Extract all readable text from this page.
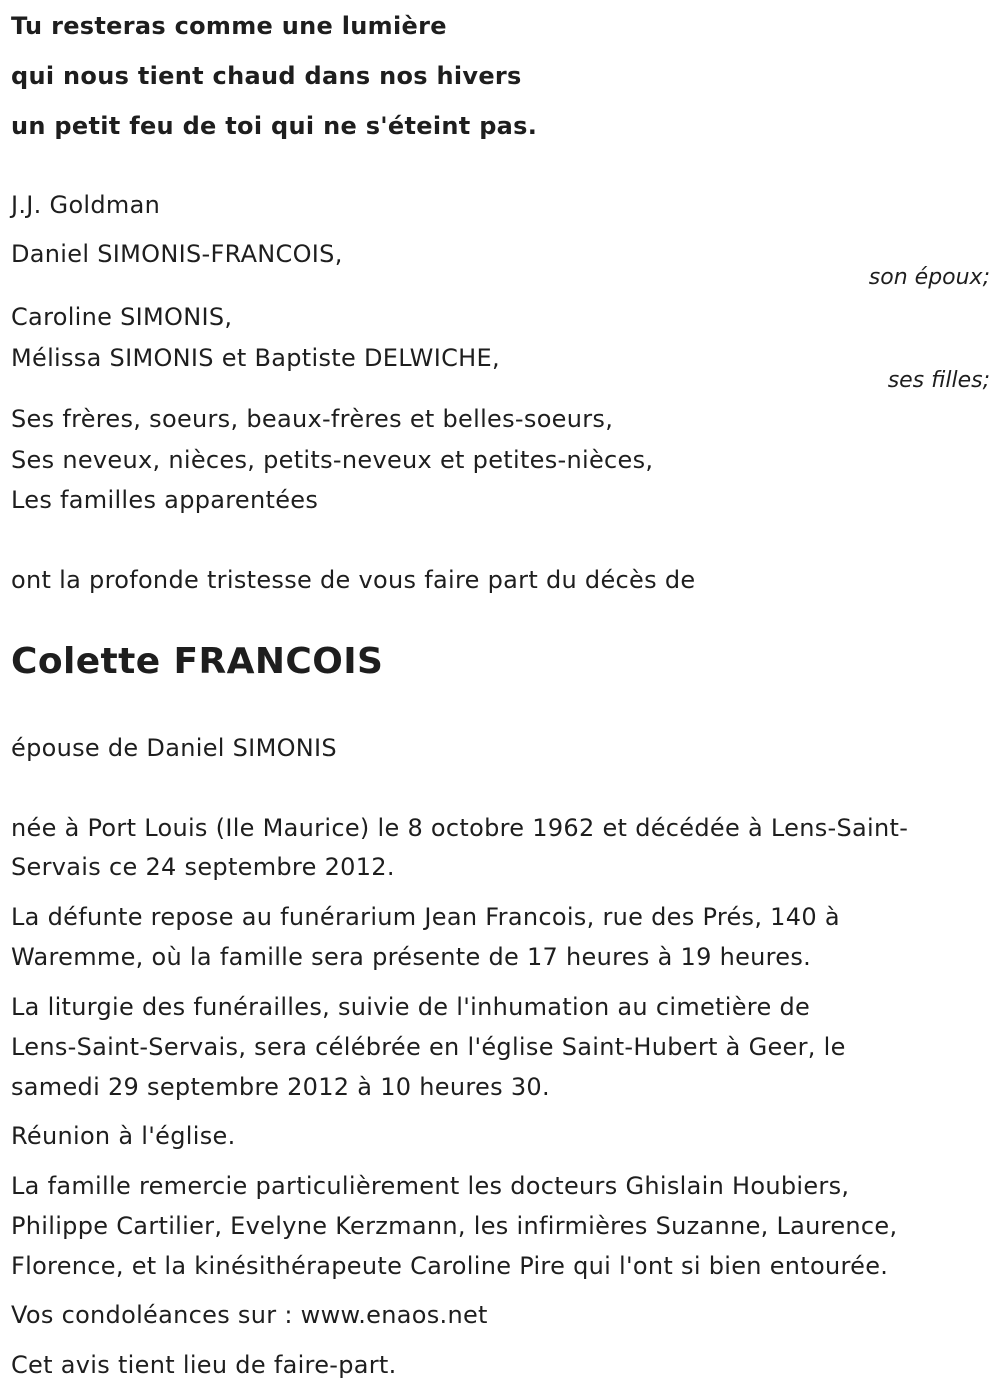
Tu resteras comme une lumière

qui nous tient chaud dans nos hivers

un petit feu de toi qui ne s'éteint pas.

J.J. Goldman

Daniel SIMONIS-FRANCOIS,

son époux;

Caroline SIMONIS,

Mélissa SIMONIS et Baptiste DELWICHE,

ses filles;

Ses frères, soeurs, beaux-frères et belles-soeurs,

Ses neveux, nièces, petits-neveux et petites-nièces,

Les familles apparentées

ont la profonde tristesse de vous faire part du décès de

Colette FRANCOIS

épouse de Daniel SIMONIS

née à Port Louis (Ile Maurice) le 8 octobre 1962 et décédée à Lens-Saint-

Servais ce 24 septembre 2012.

La défunte repose au funérarium Jean Francois, rue des Prés, 140 à

Waremme, où la famille sera présente de 17 heures à 19 heures.

La liturgie des funérailles, suivie de l'inhumation au cimetière de

Lens-Saint-Servais, sera célébrée en l'église Saint-Hubert à Geer, le

samedi 29 septembre 2012 à 10 heures 30.

Réunion à l'église.

La famille remercie particulièrement les docteurs Ghislain Houbiers,

Philippe Cartilier, Evelyne Kerzmann, les infirmières Suzanne, Laurence,

Florence, et la kinésithérapeute Caroline Pire qui l'ont si bien entourée.

Vos condoléances sur : www.enaos.net

Cet avis tient lieu de faire-part.
